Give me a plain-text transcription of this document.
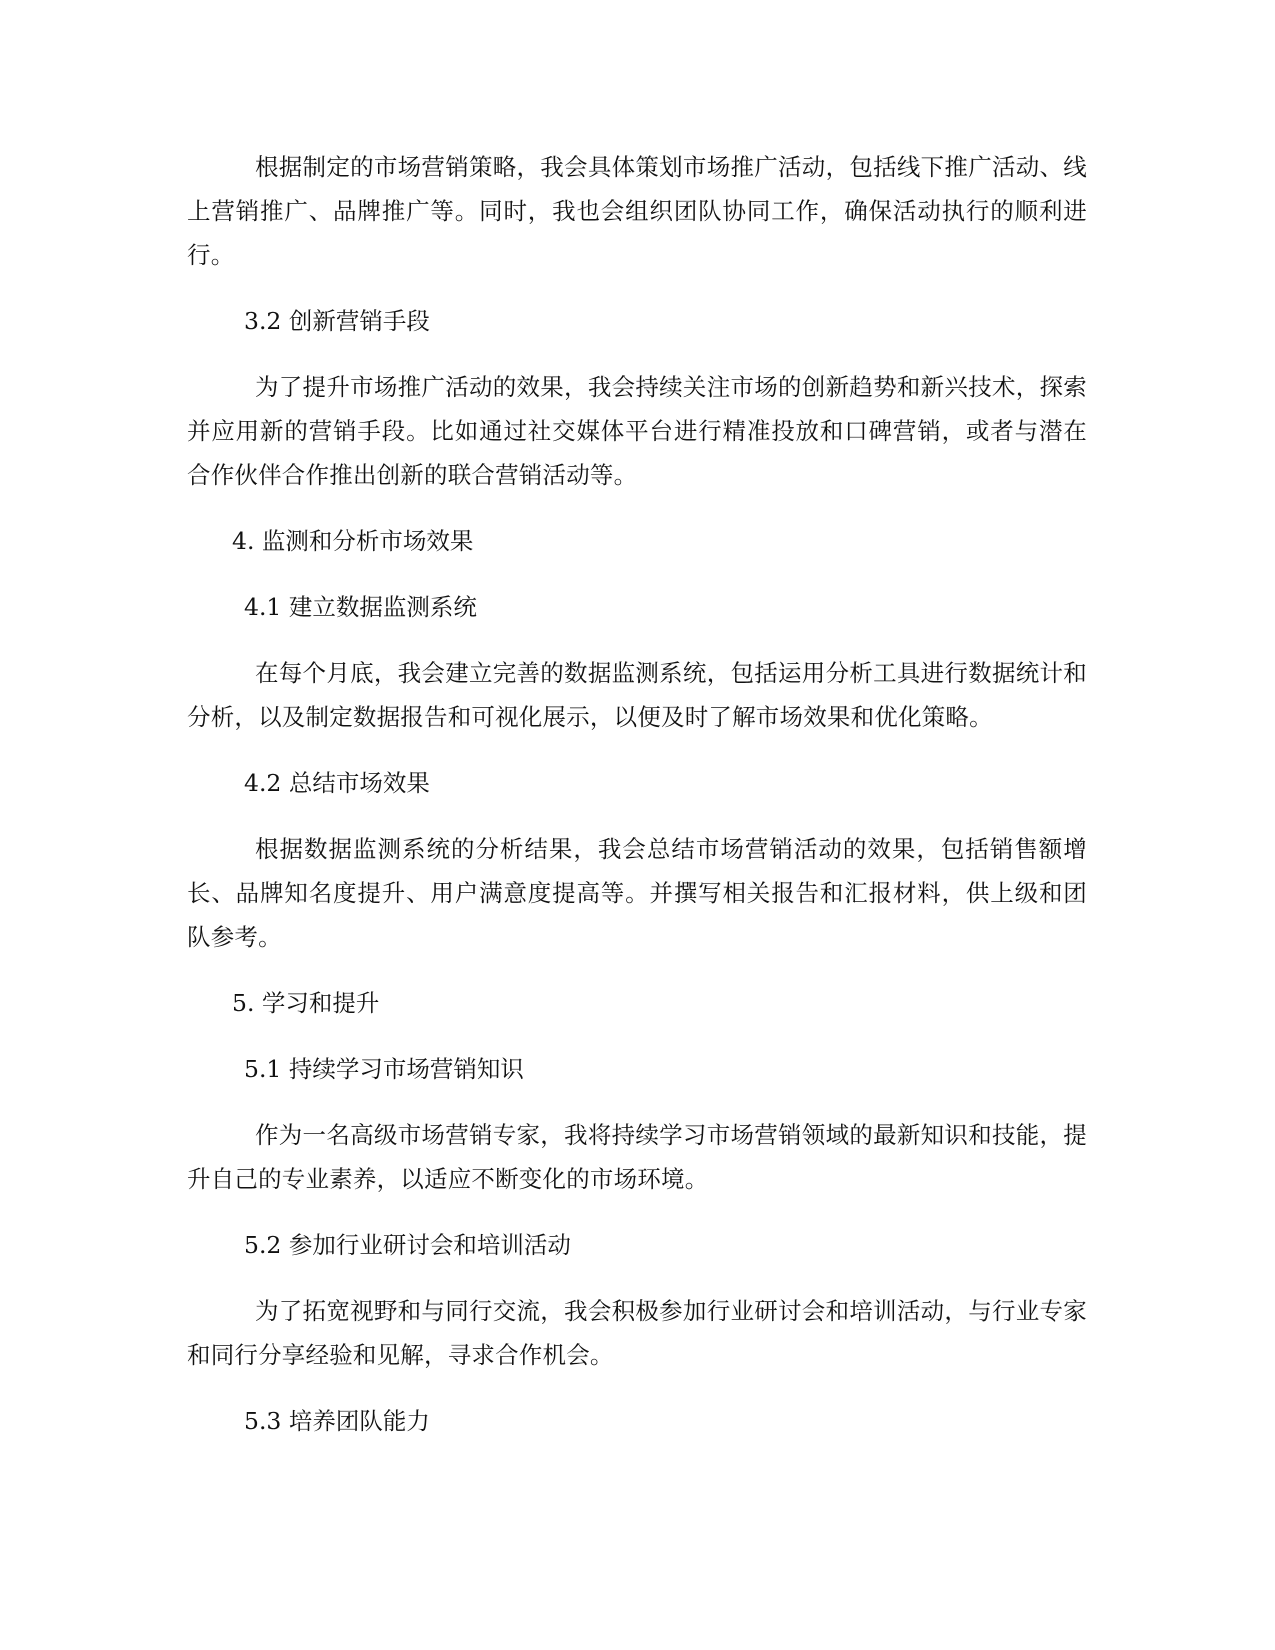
根据制定的市场营销策略，我会具体策划市场推广活动，包括线下推广活动、线上营销推广、品牌推广等。同时，我也会组织团队协同工作，确保活动执行的顺利进行。

3.2 创新营销手段

为了提升市场推广活动的效果，我会持续关注市场的创新趋势和新兴技术，探索并应用新的营销手段。比如通过社交媒体平台进行精准投放和口碑营销，或者与潜在合作伙伴合作推出创新的联合营销活动等。

4. 监测和分析市场效果

4.1 建立数据监测系统

在每个月底，我会建立完善的数据监测系统，包括运用分析工具进行数据统计和分析，以及制定数据报告和可视化展示，以便及时了解市场效果和优化策略。

4.2 总结市场效果

根据数据监测系统的分析结果，我会总结市场营销活动的效果，包括销售额增长、品牌知名度提升、用户满意度提高等。并撰写相关报告和汇报材料，供上级和团队参考。

5. 学习和提升

5.1 持续学习市场营销知识

作为一名高级市场营销专家，我将持续学习市场营销领域的最新知识和技能，提升自己的专业素养，以适应不断变化的市场环境。

5.2 参加行业研讨会和培训活动

为了拓宽视野和与同行交流，我会积极参加行业研讨会和培训活动，与行业专家和同行分享经验和见解，寻求合作机会。

5.3 培养团队能力
